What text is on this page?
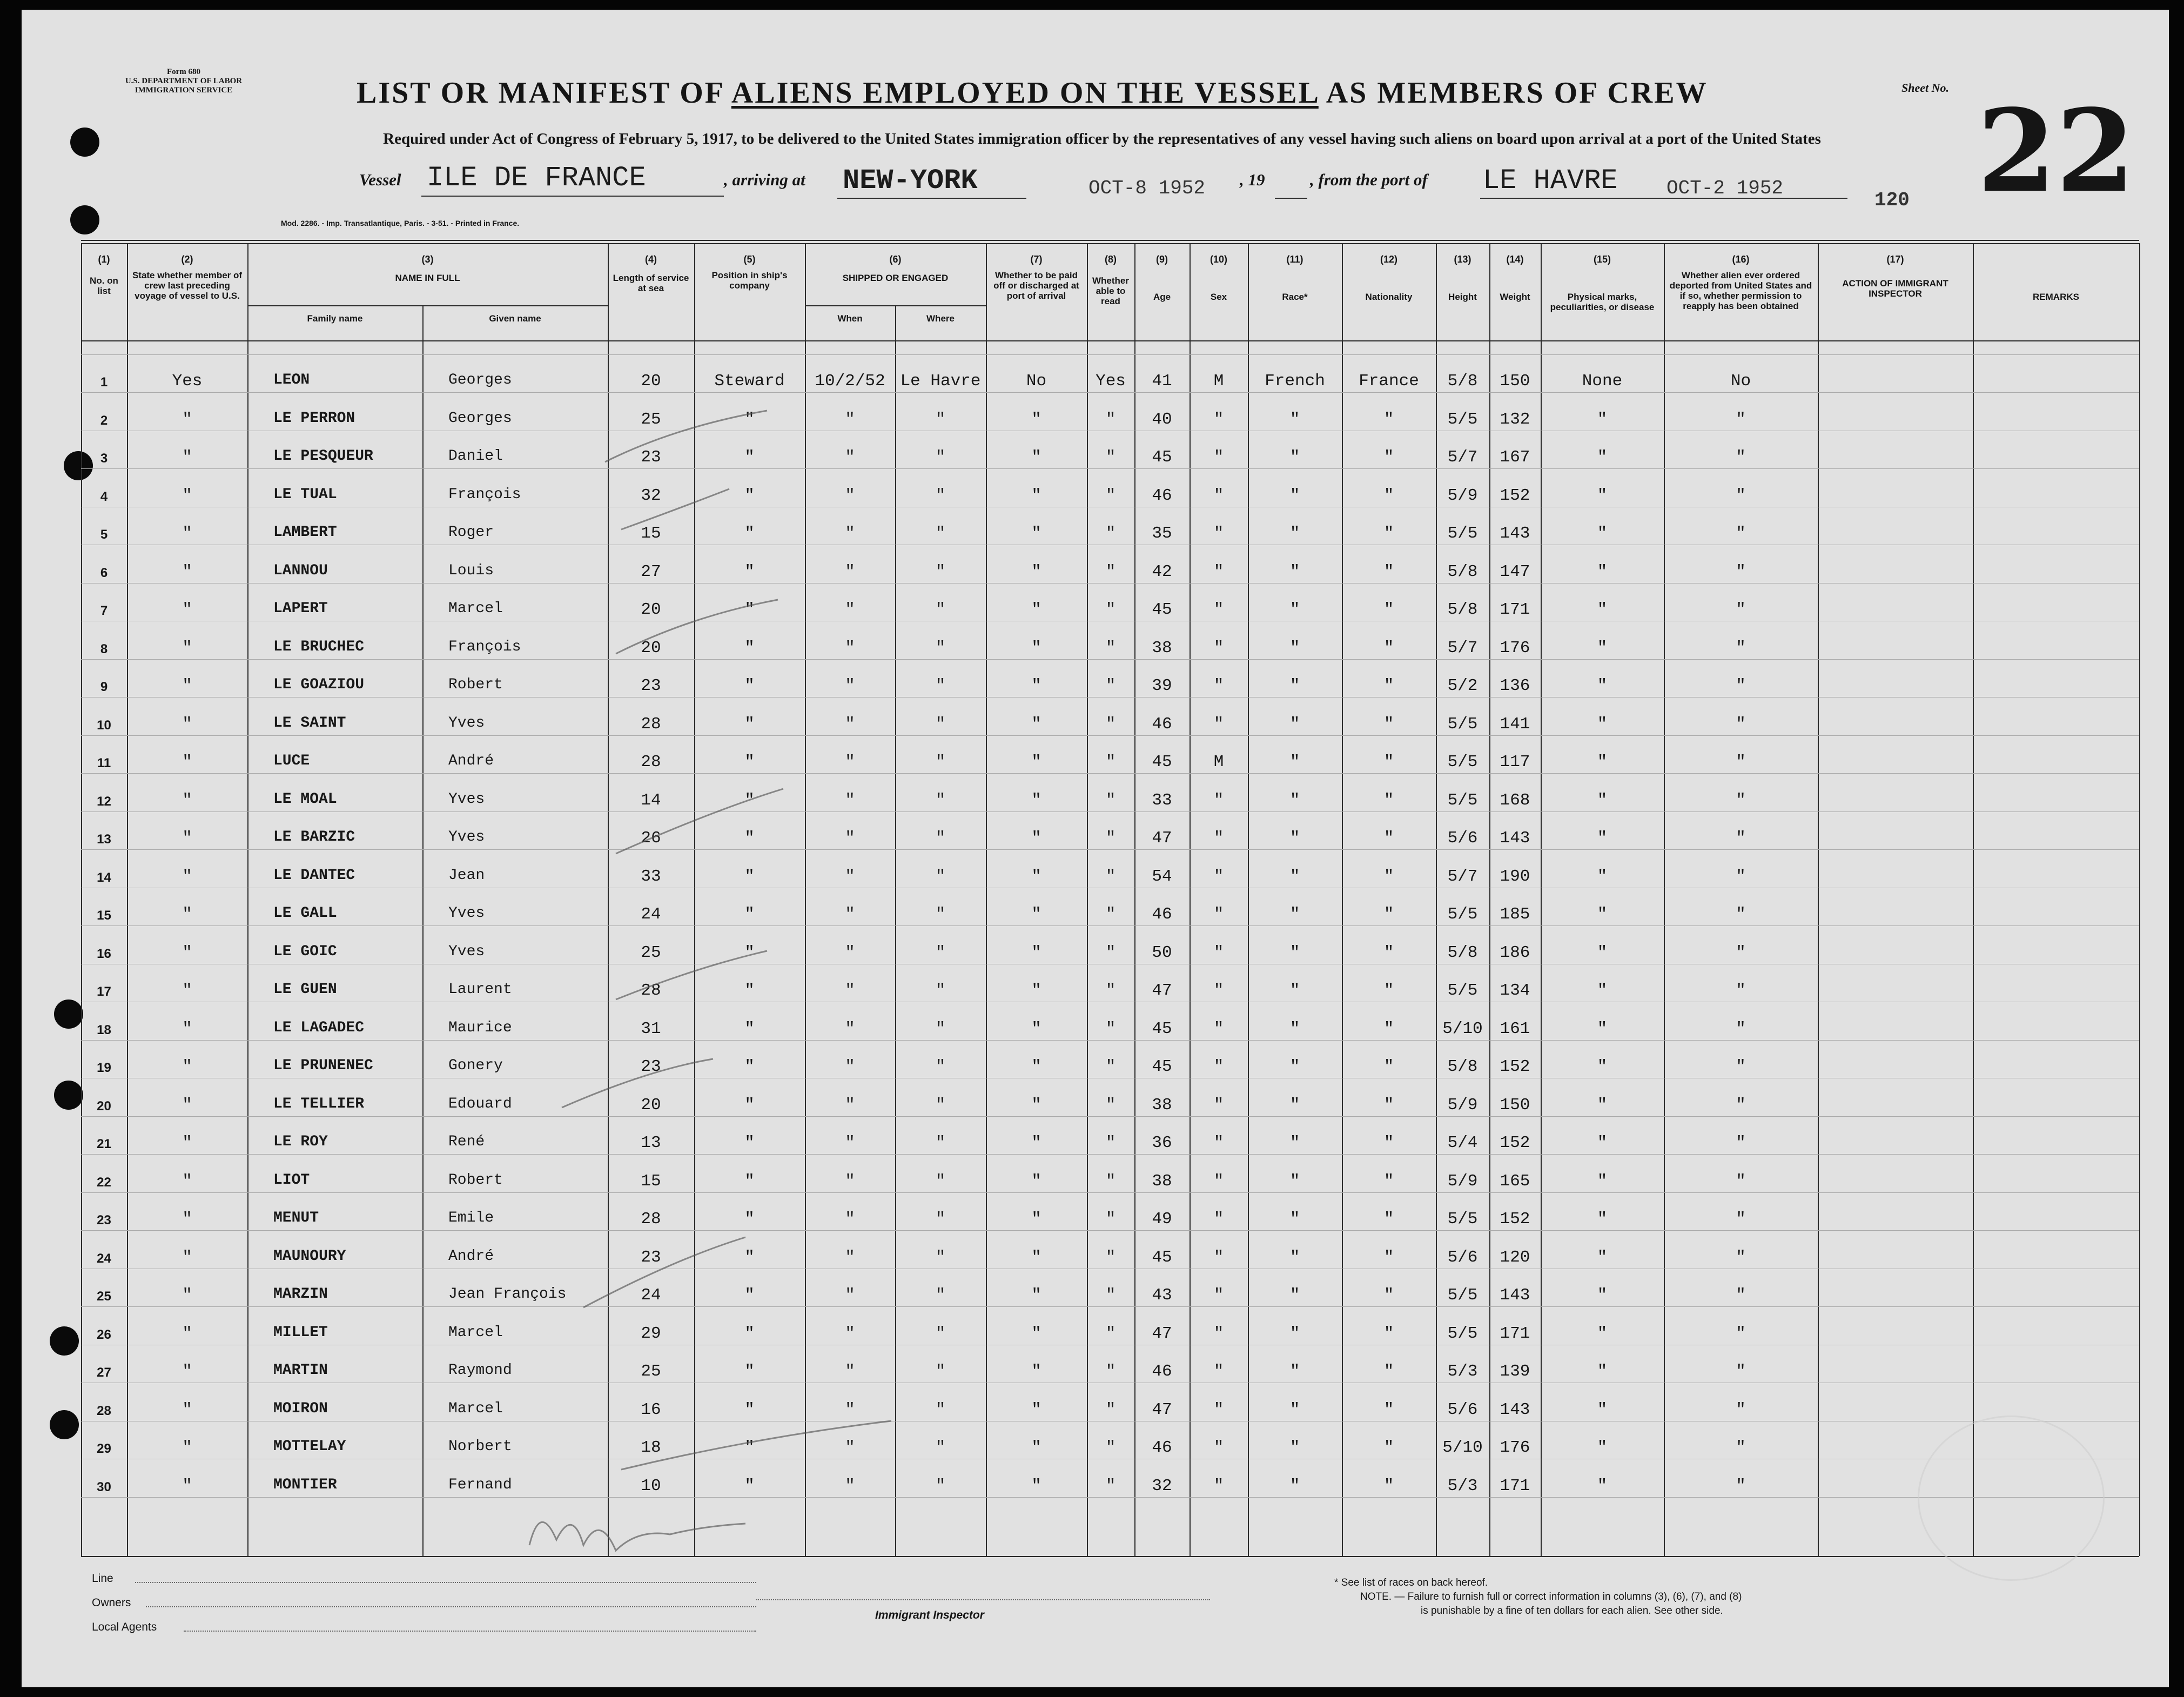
Form 680
U.S. DEPARTMENT OF LABOR
IMMIGRATION SERVICE	LIST OR MANIFEST OF ALIENS EMPLOYED ON THE VESSEL AS MEMBERS OF CREW	Sheet No. 22
Required under Act of Congress of February 5, 1917, to be delivered to the United States immigration officer by the representatives of any vessel having such aliens on board upon arrival at a port of the United States
Vessel ILE DE FRANCE	, arriving at NEW-YORK	OCT-8 1952 , 19	, from the port of LE HAVRE	OCT-2 1952
120
Mod. 2286. - Imp. Transatlantique, Paris. - 3-51. - Printed in France.
(1)
No. on list
(2)
State whether member of crew last preceding voyage of vessel to U.S.
(3)
NAME IN FULL
(4)
Length of service at sea
(5)
Position in ship's company
(6)
SHIPPED OR ENGAGED
(7)
Whether to be paid off or discharged at port of arrival
(8)
Whether able to read
(9)
Age
(10)
Sex
(11)
Race*
(12)
Nationality
(13)
Height
(14)
Weight
(15)
Physical marks, peculiarities, or disease
(16)
Whether alien ever ordered deported from United States and if so, whether permission to reapply has been obtained
(17)
ACTION OF IMMIGRANT INSPECTOR	REMARKS
Family name	Given name	When	Where
1	Yes	LEON	Georges	20	Steward	10/2/52 Le Havre	No	Yes	41	M	French	France	5/8	150	None	No
2	"	LE PERRON	Georges	25	"	"	"	"	"	40	"	"	"	5/5	132	"	"
3	"	LE PESQUEUR	Daniel	23	"	"	"	"	"	45	"	"	"	5/7	167	"	"
4	"	LE TUAL	François	32	"	"	"	"	"	46	"	"	"	5/9	152	"	"
5	"	LAMBERT	Roger	15	"	"	"	"	"	35	"	"	"	5/5	143	"	"
6	"	LANNOU	Louis	27	"	"	"	"	"	42	"	"	"	5/8	147	"	"
7	"	LAPERT	Marcel	20	"	"	"	"	"	45	"	"	"	5/8	171	"	"
8	"	LE BRUCHEC	François	20	"	"	"	"	"	38	"	"	"	5/7	176	"	"
9	"	LE GOAZIOU	Robert	23	"	"	"	"	"	39	"	"	"	5/2	136	"	"
10	"	LE SAINT	Yves	28	"	"	"	"	"	46	"	"	"	5/5	141	"	"
11	"	LUCE	André	28	"	"	"	"	"	45	M	"	"	5/5	117	"	"
12	"	LE MOAL	Yves	14	"	"	"	"	"	33	"	"	"	5/5	168	"	"
13	"	LE BARZIC	Yves	26	"	"	"	"	"	47	"	"	"	5/6	143	"	"
14	"	LE DANTEC	Jean	33	"	"	"	"	"	54	"	"	"	5/7	190	"	"
15	"	LE GALL	Yves	24	"	"	"	"	"	46	"	"	"	5/5	185	"	"
16	"	LE GOIC	Yves	25	"	"	"	"	"	50	"	"	"	5/8	186	"	"
17	"	LE GUEN	Laurent	28	"	"	"	"	"	47	"	"	"	5/5	134	"	"
18	"	LE LAGADEC	Maurice	31	"	"	"	"	"	45	"	"	"	5/10	161	"	"
19	"	LE PRUNENEC	Gonery	23	"	"	"	"	"	45	"	"	"	5/8	152	"	"
20	"	LE TELLIER	Edouard	20	"	"	"	"	"	38	"	"	"	5/9	150	"	"
21	"	LE ROY	René	13	"	"	"	"	"	36	"	"	"	5/4	152	"	"
22	"	LIOT	Robert	15	"	"	"	"	"	38	"	"	"	5/9	165	"	"
23	"	MENUT	Emile	28	"	"	"	"	"	49	"	"	"	5/5	152	"	"
24	"	MAUNOURY	André	23	"	"	"	"	"	45	"	"	"	5/6	120	"	"
25	"	MARZIN	Jean François	24	"	"	"	"	"	43	"	"	"	5/5	143	"	"
26	"	MILLET	Marcel	29	"	"	"	"	"	47	"	"	"	5/5	171	"	"
27	"	MARTIN	Raymond	25	"	"	"	"	"	46	"	"	"	5/3	139	"	"
28	"	MOIRON	Marcel	16	"	"	"	"	"	47	"	"	"	5/6	143	"	"
29	"	MOTTELAY	Norbert	18	"	"	"	"	"	46	"	"	"	5/10	176	"	"
30	"	MONTIER	Fernand	10	"	"	"	"	"	32	"	"	"	5/3	171	"	"
Line
Owners
Local Agents
Immigrant Inspector
* See list of races on back hereof.
NOTE. — Failure to furnish full or correct information in columns (3), (6), (7), and (8)
is punishable by a fine of ten dollars for each alien. See other side.
